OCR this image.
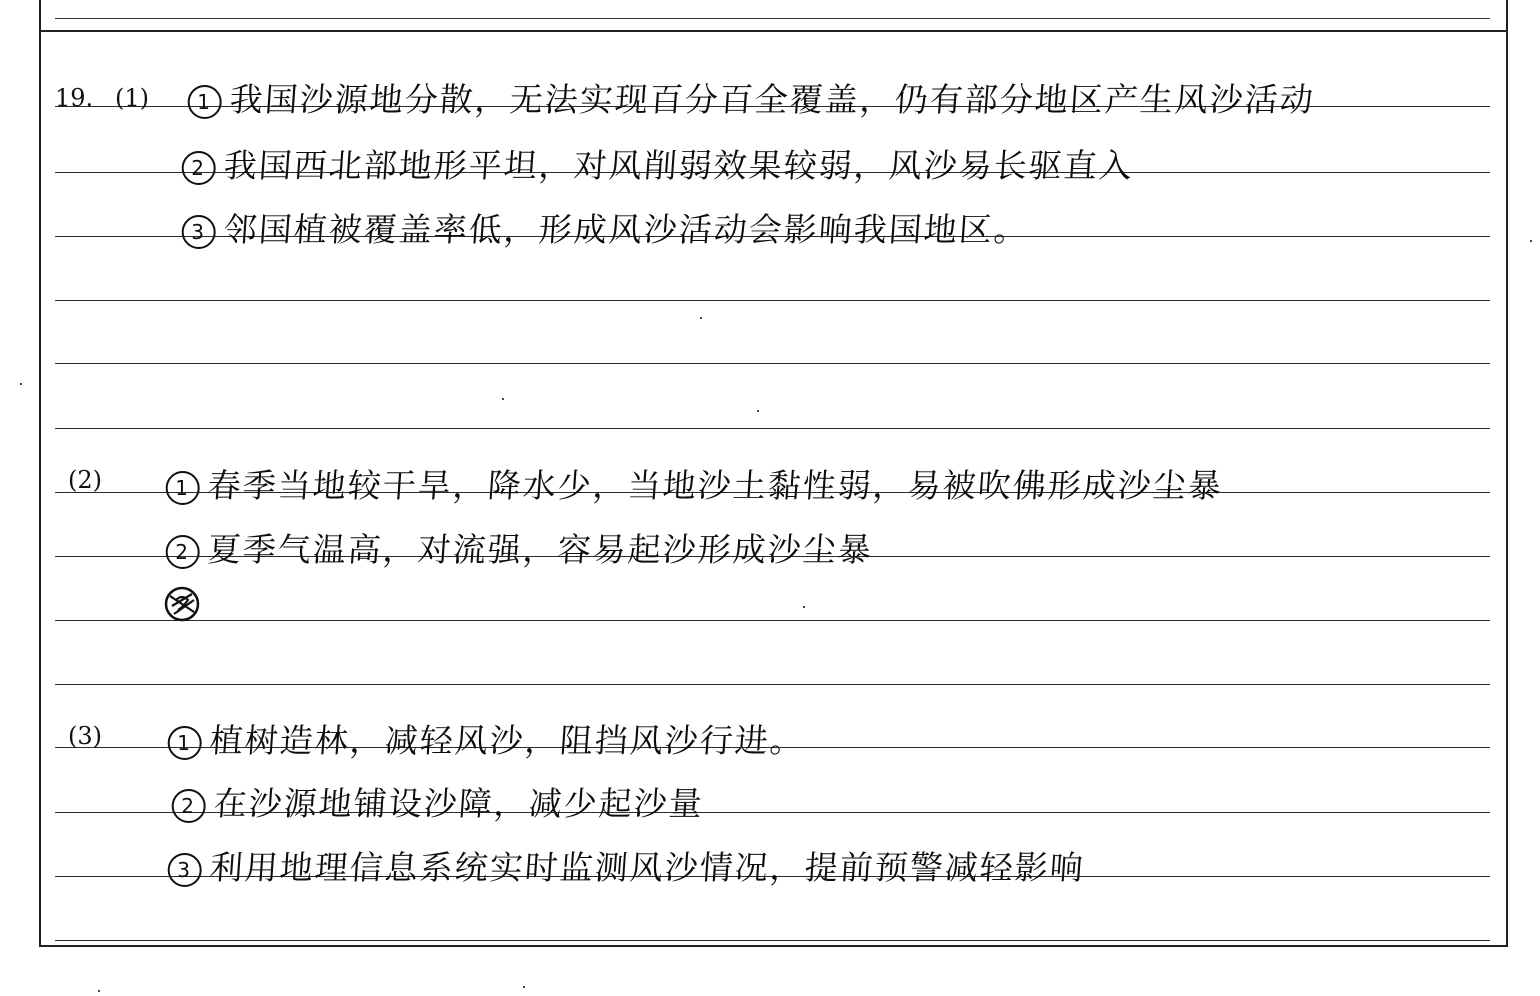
19. (1)
(2)
(3)
1 我国沙源地分散，无法实现百分百全覆盖，仍有部分地区产生风沙活动
2 我国西北部地形平坦，对风削弱效果较弱，风沙易长驱直入
3 邻国植被覆盖率低，形成风沙活动会影响我国地区。
1 春季当地较干旱，降水少，当地沙土黏性弱，易被吹佛形成沙尘暴
2 夏季气温高，对流强，容易起沙形成沙尘暴
1 植树造林，减轻风沙，阻挡风沙行进。
2 在沙源地铺设沙障，减少起沙量
3 利用地理信息系统实时监测风沙情况，提前预警减轻影响
